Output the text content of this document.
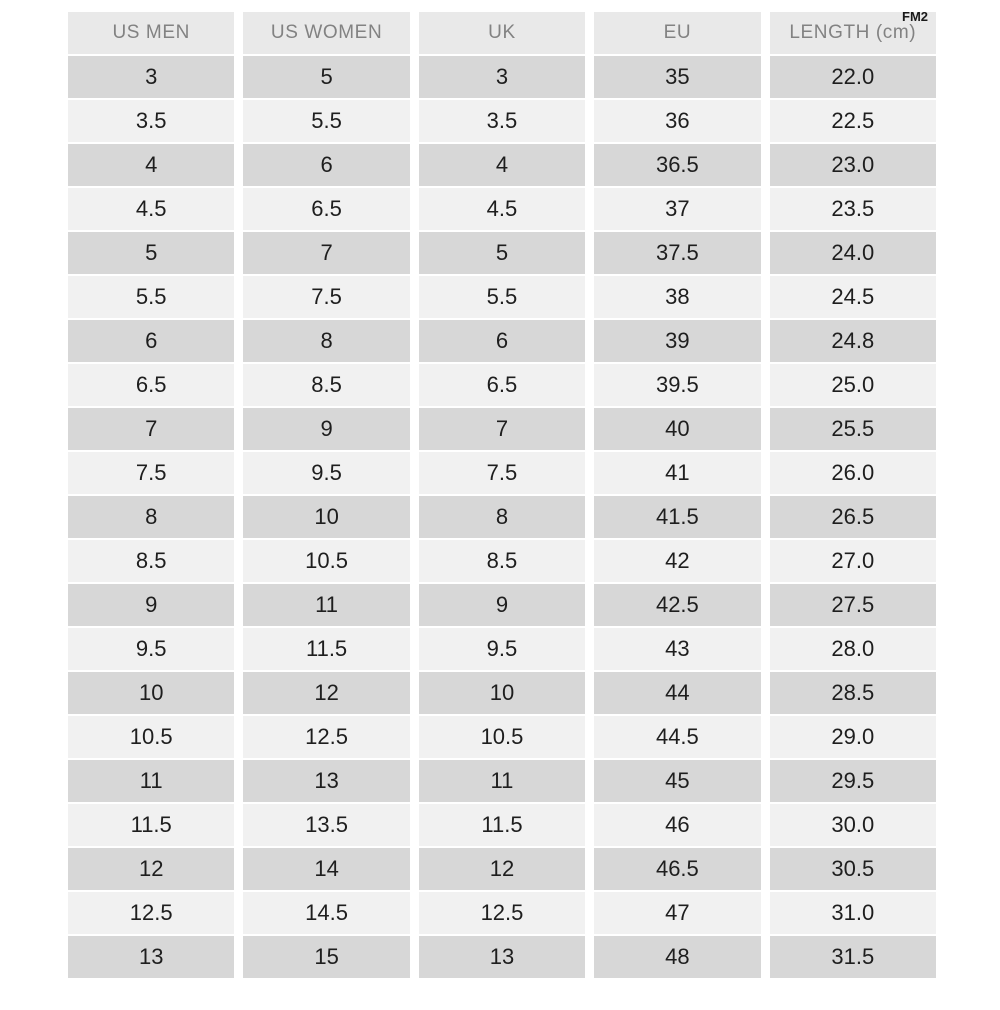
FM2
US MEN	US WOMEN	UK	EU	LENGTH (cm)
3	5	3	35	22.0
3.5	5.5	3.5	36	22.5
4	6	4	36.5	23.0
4.5	6.5	4.5	37	23.5
5	7	5	37.5	24.0
5.5	7.5	5.5	38	24.5
6	8	6	39	24.8
6.5	8.5	6.5	39.5	25.0
7	9	7	40	25.5
7.5	9.5	7.5	41	26.0
8	10	8	41.5	26.5
8.5	10.5	8.5	42	27.0
9	11	9	42.5	27.5
9.5	11.5	9.5	43	28.0
10	12	10	44	28.5
10.5	12.5	10.5	44.5	29.0
11	13	11	45	29.5
11.5	13.5	11.5	46	30.0
12	14	12	46.5	30.5
12.5	14.5	12.5	47	31.0
13	15	13	48	31.5
